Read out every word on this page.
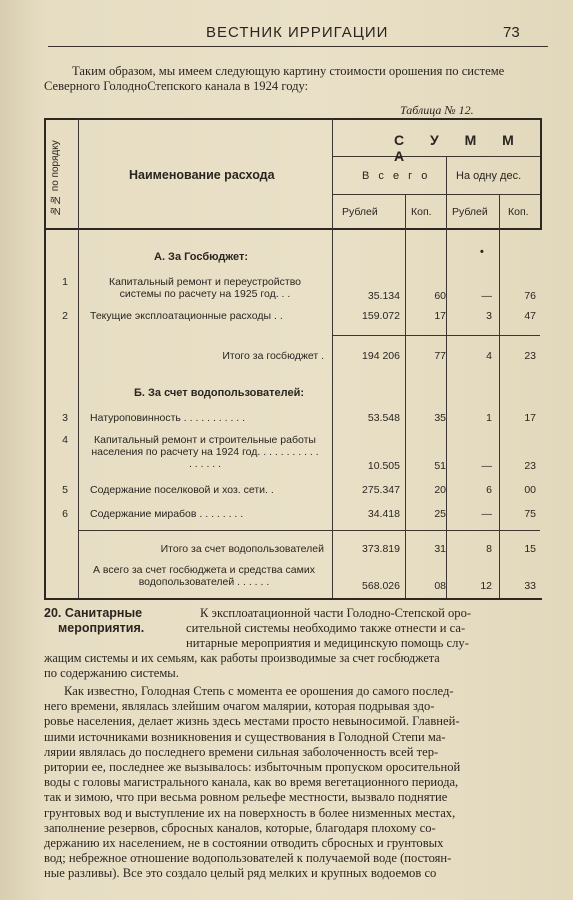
ВЕСТНИК ИРРИГАЦИИ	73
Таким образом, мы имеем следующую картину стоимости орошения по системе Северного ГолодноСтепского канала в 1924 году:
Таблица № 12.
№№ по порядку	Наименование расхода
С У М М А
В с е г о На одну дес.
Рублей	Коп. Рублей Коп.
А. За Госбюджет:	•
1	Капитальный ремонт и переустройство системы по расчету на 1925 год. . .	35.134	60	—	76
2	Текущие эксплоатационные расходы . .	159.072	17	3	47
Итого за госбюджет .	194 206	77	4	23
Б. За счет водопользователей:
3	Натуроповинность . . . . . . . . . . .	53.548	35	1	17
4	Капитальный ремонт и строительные работы населения по расчету на 1924 год. . . . . . . . . . . . . . . . .	10.505	51	—	23
5	Содержание поселковой и хоз. сети. .	275.347	20	6	00
6	Содержание мирабов . . . . . . . .	34.418	25	—	75
Итого за счет водопользователей	373.819	31	8	15
А всего за счет госбюджета и средства самих водопользователей . . . . . .	568.026	08	12	33
20. Санитарные
мероприятия.
К эксплоатационной части Голодно-Степской оро-
сительной системы необходимо также отнести и са-
нитарные мероприятия и медицинскую помощь слу-
жащим системы и их семьям, как работы производимые за счет госбюджета
по содержанию системы.
Как известно, Голодная Степь с момента ее орошения до самого послед-
него времени, являлась злейшим очагом малярии, которая подрывая здо-
ровье населения, делает жизнь здесь местами просто невыносимой. Главней-
шими источниками возникновения и существования в Голодной Степи ма-
лярии являлась до последнего времени сильная заболоченность всей тер-
ритории ее, последнее же вызывалось: избыточным пропуском оросительной
воды с головы магистрального канала, как во время вегетационного периода,
так и зимою, что при весьма ровном рельефе местности, вызвало поднятие
грунтовых вод и выступление их на поверхность в более низменных местах,
заполнение резервов, сбросных каналов, которые, благодаря плохому со-
держанию их населением, не в состоянии отводить сбросных и грунтовых
вод; небрежное отношение водопользователей к получаемой воде (постоян-
ные разливы). Все это создало целый ряд мелких и крупных водоемов со
